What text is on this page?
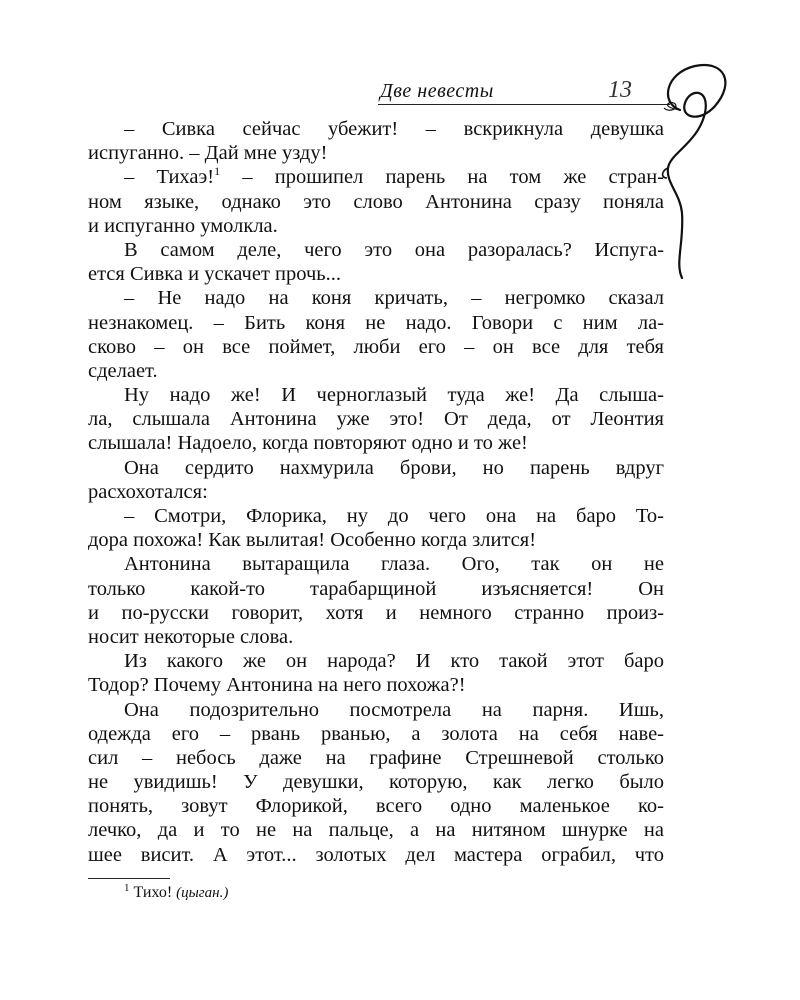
Две невесты	13
– Сивка сейчас убежит! – вскрикнула девушка
испуганно. – Дай мне узду!
– Тихаэ!$^1$ – прошипел парень на том же стран-
ном языке, однако это слово Антонина сразу поняла
и испуганно умолкла.
В самом деле, чего это она разоралась? Испуга-
ется Сивка и ускачет прочь...
– Не надо на коня кричать, – негромко сказал
незнакомец. – Бить коня не надо. Говори с ним ла-
сково – он все поймет, люби его – он все для тебя
сделает.
Ну надо же! И черноглазый туда же! Да слыша-
ла, слышала Антонина уже это! От деда, от Леонтия
слышала! Надоело, когда повторяют одно и то же!
Она сердито нахмурила брови, но парень вдруг
расхохотался:
– Смотри, Флорика, ну до чего она на баро То-
дора похожа! Как вылитая! Особенно когда злится!
Антонина вытаращила глаза. Ого, так он не
только какой-то тарабарщиной изъясняется! Он
и по-русски говорит, хотя и немного странно произ-
носит некоторые слова.
Из какого же он народа? И кто такой этот баро
Тодор? Почему Антонина на него похожа?!
Она подозрительно посмотрела на парня. Ишь,
одежда его – рвань рванью, а золота на себя наве-
сил – небось даже на графине Стрешневой столько
не увидишь! У девушки, которую, как легко было
понять, зовут Флорикой, всего одно маленькое ко-
лечко, да и то не на пальце, а на нитяном шнурке на
шее висит. А этот... золотых дел мастера ограбил, что
$^1$ Тихо! (цыган.)
